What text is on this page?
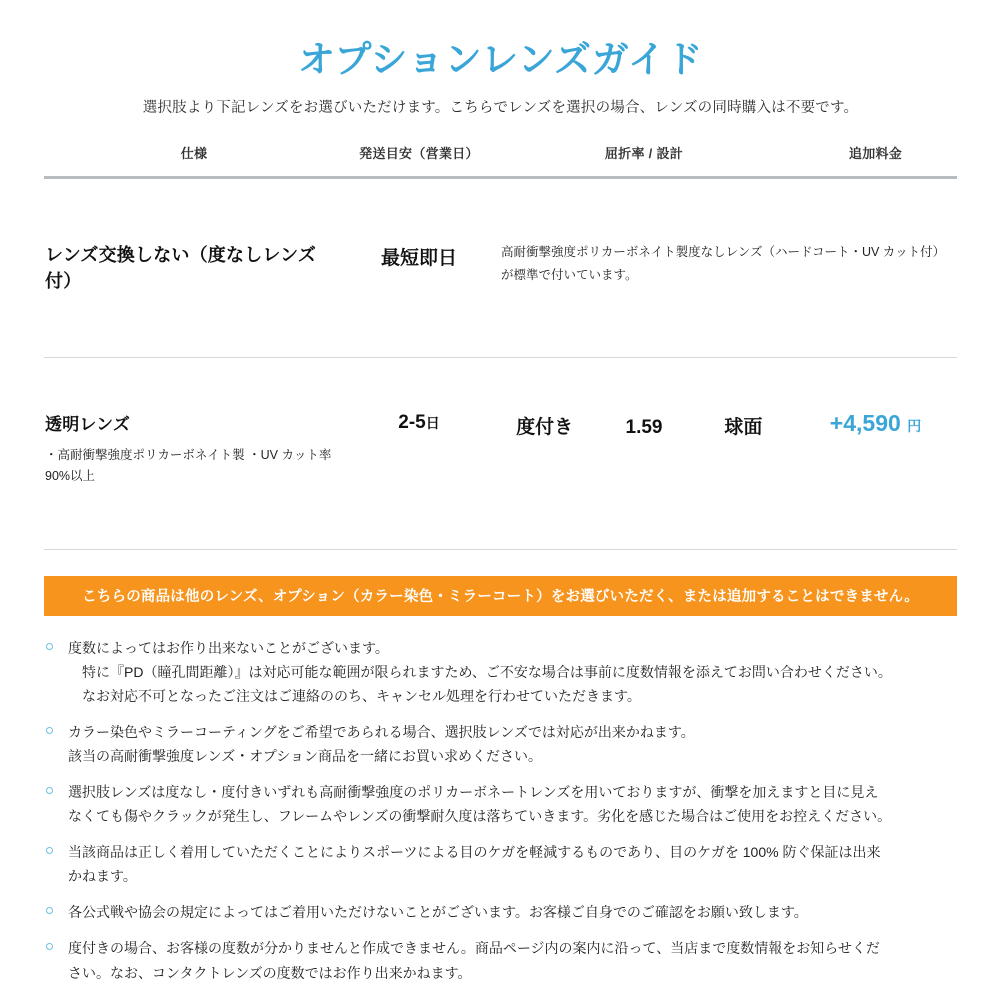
オプションレンズガイド

選択肢より下記レンズをお選びいただけます。こちらでレンズを選択の場合、レンズの同時購入は不要です。

仕様	発送目安（営業日）	屈折率 / 設計	追加料金

レンズ交換しない（度なしレンズ付）	最短即日	高耐衝撃強度ポリカーボネイト製度なしレンズ（ハードコート・UV カット付）が標準で付いています。	

透明レンズ
・高耐衝撃強度ポリカーボネイト製 ・UV カット率90%以上

2-5日	度付き	1.59	球面	+4,590 円
こちらの商品は他のレンズ、オプション（カラー染色・ミラーコート）をお選びいただく、または追加することはできません。
度数によってはお作り出来ないことがございます。
特に『PD（瞳孔間距離）』は対応可能な範囲が限られますため、ご不安な場合は事前に度数情報を添えてお問い合わせください。
なお対応不可となったご注文はご連絡ののち、キャンセル処理を行わせていただきます。
カラー染色やミラーコーティングをご希望であられる場合、選択肢レンズでは対応が出来かねます。
該当の高耐衝撃強度レンズ・オプション商品を一緒にお買い求めください。
選択肢レンズは度なし・度付きいずれも高耐衝撃強度のポリカーボネートレンズを用いておりますが、衝撃を加えますと目に見え
なくても傷やクラックが発生し、フレームやレンズの衝撃耐久度は落ちていきます。劣化を感じた場合はご使用をお控えください。
当該商品は正しく着用していただくことによりスポーツによる目のケガを軽減するものであり、目のケガを 100% 防ぐ保証は出来
かねます。
各公式戦や協会の規定によってはご着用いただけないことがございます。お客様ご自身でのご確認をお願い致します。
度付きの場合、お客様の度数が分かりませんと作成できません。商品ページ内の案内に沿って、当店まで度数情報をお知らせくだ
さい。なお、コンタクトレンズの度数ではお作り出来かねます。
